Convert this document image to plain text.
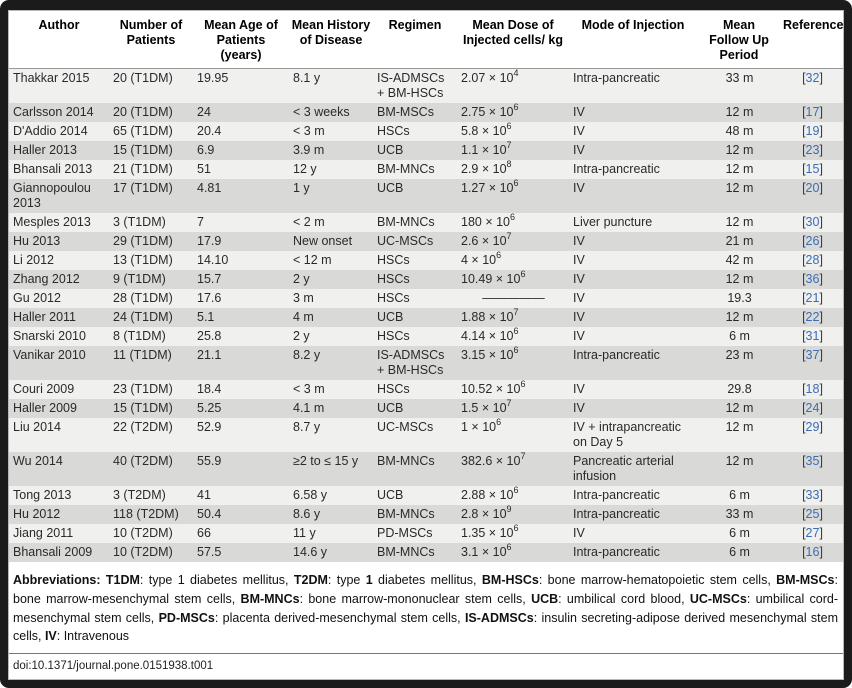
Author	Number of Patients	Mean Age of Patients (years)	Mean History of Disease	Regimen	Mean Dose of Injected cells/ kg	Mode of Injection	Mean Follow Up Period	Reference
Thakkar 2015	20 (T1DM)	19.95	8.1 y	IS-ADMSCs + BM-HSCs	$2.07 \times 10^4$	Intra-pancreatic	33 m	[32]
Carlsson 2014	20 (T1DM)	24	< 3 weeks	BM-MSCs	$2.75 \times 10^6$	IV	12 m	[17]
D'Addio 2014	65 (T1DM)	20.4	< 3 m	HSCs	$5.8 \times 10^6$	IV	48 m	[19]
Haller 2013	15 (T1DM)	6.9	3.9 m	UCB	$1.1 \times 10^7$	IV	12 m	[23]
Bhansali 2013	21 (T1DM)	51	12 y	BM-MNCs	$2.9 \times 10^8$	Intra-pancreatic	12 m	[15]
Giannopoulou 2013	17 (T1DM)	4.81	1 y	UCB	$1.27 \times 10^6$	IV	12 m	[20]
Mesples 2013	3 (T1DM)	7	< 2 m	BM-MNCs	$180 \times 10^6$	Liver puncture	12 m	[30]
Hu 2013	29 (T1DM)	17.9	New onset	UC-MSCs	$2.6 \times 10^7$	IV	21 m	[26]
Li 2012	13 (T1DM)	14.10	< 12 m	HSCs	$4 \times 10^6$	IV	42 m	[28]
Zhang 2012	9 (T1DM)	15.7	2 y	HSCs	$10.49 \times 10^6$	IV	12 m	[36]
Gu 2012	28 (T1DM)	17.6	3 m	HSCs	—————	IV	19.3	[21]
Haller 2011	24 (T1DM)	5.1	4 m	UCB	$1.88 \times 10^7$	IV	12 m	[22]
Snarski 2010	8 (T1DM)	25.8	2 y	HSCs	$4.14 \times 10^6$	IV	6 m	[31]
Vanikar 2010	11 (T1DM)	21.1	8.2 y	IS-ADMSCs + BM-HSCs	$3.15 \times 10^6$	Intra-pancreatic	23 m	[37]
Couri 2009	23 (T1DM)	18.4	< 3 m	HSCs	$10.52 \times 10^6$	IV	29.8	[18]
Haller 2009	15 (T1DM)	5.25	4.1 m	UCB	$1.5 \times 10^7$	IV	12 m	[24]
Liu 2014	22 (T2DM)	52.9	8.7 y	UC-MSCs	$1 \times 10^6$	IV + intrapancreatic on Day 5	12 m	[29]
Wu 2014	40 (T2DM)	55.9	≥2 to ≤ 15 y	BM-MNCs	$382.6 \times 10^7$	Pancreatic arterial infusion	12 m	[35]
Tong 2013	3 (T2DM)	41	6.58 y	UCB	$2.88 \times 10^6$	Intra-pancreatic	6 m	[33]
Hu 2012	118 (T2DM)	50.4	8.6 y	BM-MNCs	$2.8 \times 10^9$	Intra-pancreatic	33 m	[25]
Jiang 2011	10 (T2DM)	66	11 y	PD-MSCs	$1.35 \times 10^6$	IV	6 m	[27]
Bhansali 2009	10 (T2DM)	57.5	14.6 y	BM-MNCs	$3.1 \times 10^6$	Intra-pancreatic	6 m	[16]
Abbreviations: T1DM: type 1 diabetes mellitus, T2DM: type 1 diabetes mellitus, BM-HSCs: bone marrow-hematopoietic stem cells, BM-MSCs: bone marrow-mesenchymal stem cells, BM-MNCs: bone marrow-mononuclear stem cells, UCB: umbilical cord blood, UC-MSCs: umbilical cord-mesenchymal stem cells, PD-MSCs: placenta derived-mesenchymal stem cells, IS-ADMSCs: insulin secreting-adipose derived mesenchymal stem cells, IV: Intravenous
doi:10.1371/journal.pone.0151938.t001
